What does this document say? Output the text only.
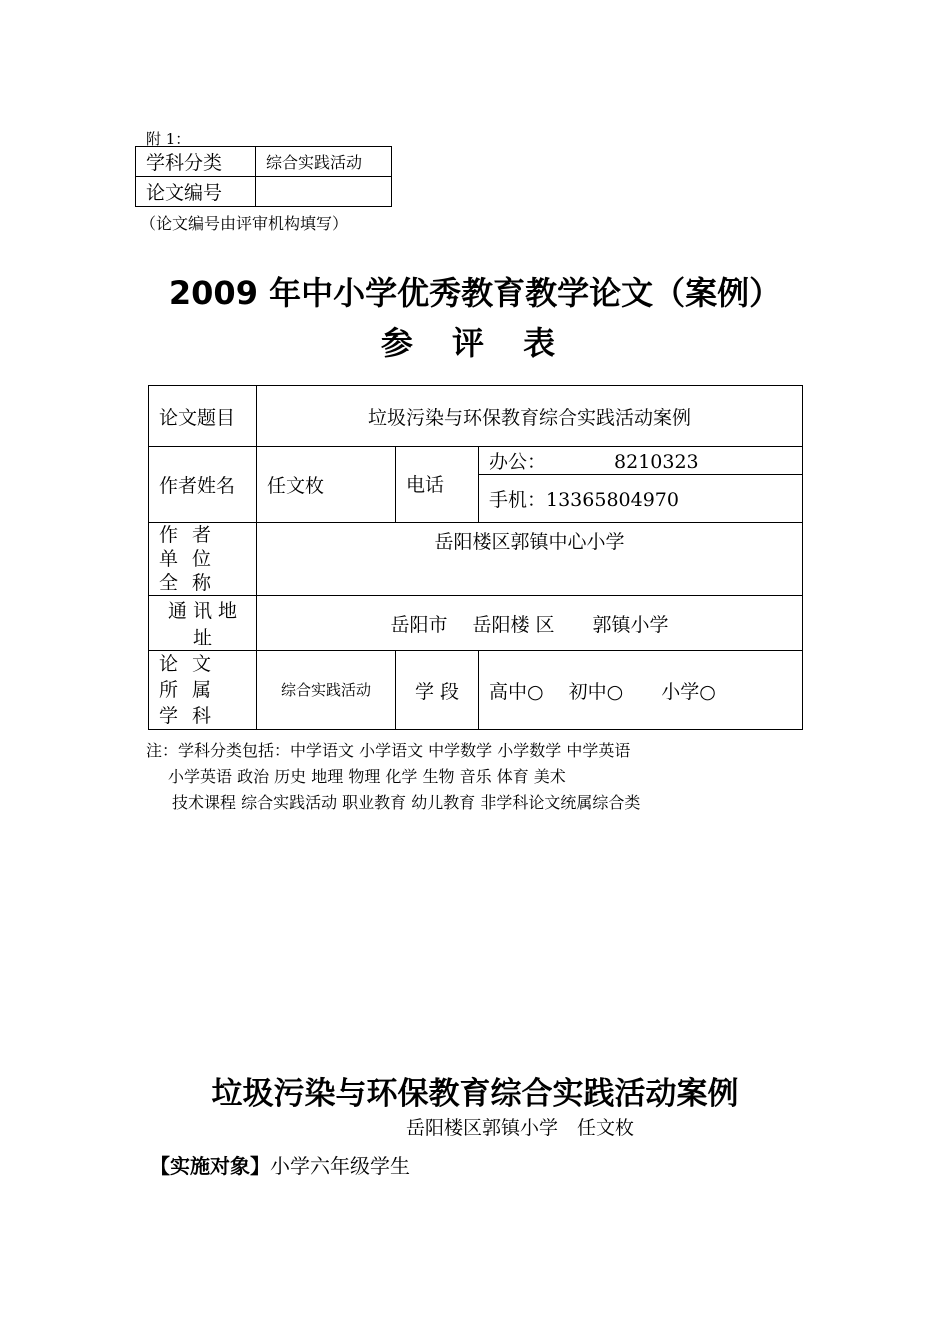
附 1：
学科分类	综合实践活动
论文编号	
（论文编号由评审机构填写）
2009 年中小学优秀教育教学论文（案例）
参 评 表
论文题目	垃圾污染与环保教育综合实践活动案例		
作者姓名	任文枚	电话	办公： 8210323
			手机：13365804970
作 者 单 位 全 称	岳阳楼区郭镇中心小学		
通 讯 地 址	岳阳市　 岳阳楼 区　　郭镇小学		
论 文 所 属 学 科	综合实践活动	学 段	高中○　 初中○　　小学○
注：学科分类包括：中学语文 小学语文 中学数学 小学数学 中学英语
小学英语 政治 历史 地理 物理 化学 生物 音乐 体育 美术
技术课程 综合实践活动 职业教育 幼儿教育 非学科论文统属综合类
垃圾污染与环保教育综合实践活动案例
岳阳楼区郭镇小学　任文枚
【实施对象】小学六年级学生
